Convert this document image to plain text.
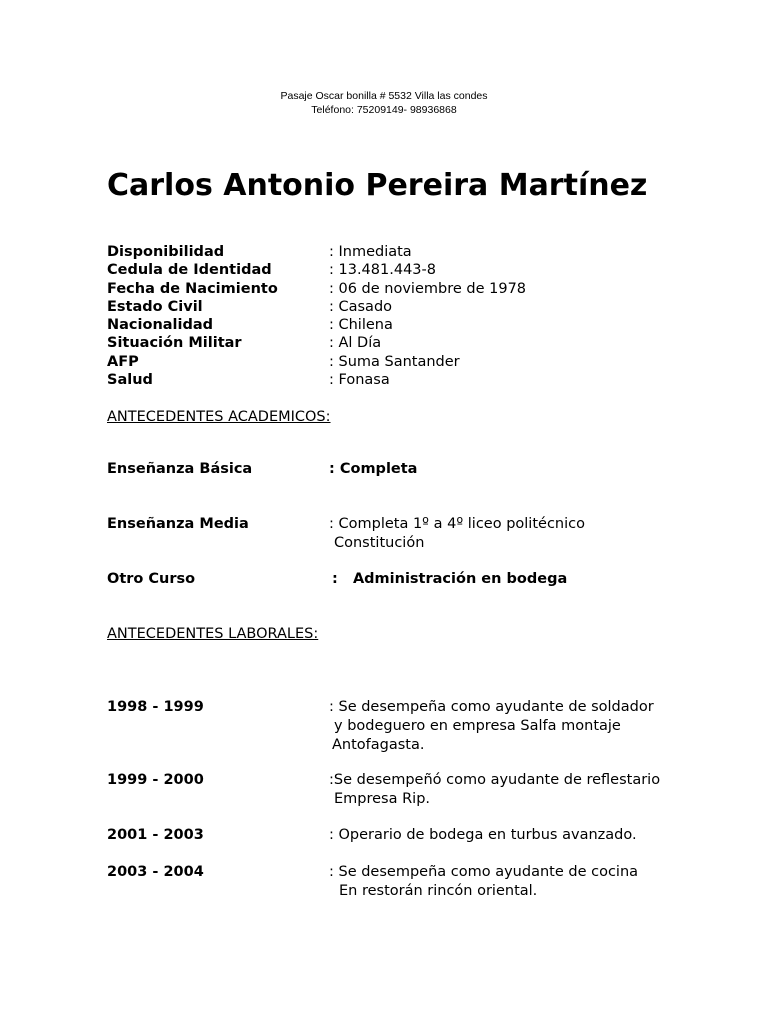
Pasaje Oscar bonilla # 5532 Villa las condes
Teléfono: 75209149- 98936868
Carlos Antonio Pereira Martínez
Disponibilidad	: Inmediata
Cedula de Identidad	: 13.481.443-8
Fecha de Nacimiento	: 06 de noviembre de 1978
Estado Civil	: Casado
Nacionalidad	: Chilena
Situación Militar	: Al Día
AFP	: Suma Santander
Salud	: Fonasa
ANTECEDENTES ACADEMICOS:
Enseñanza Básica	: Completa
Enseñanza Media	: Completa 1º a 4º liceo politécnico
Constitución
Otro Curso	:   Administración en bodega
ANTECEDENTES LABORALES:
1998 - 1999	: Se desempeña como ayudante de soldador
y bodeguero en empresa Salfa montaje
Antofagasta.
1999 - 2000	:Se desempeñó como ayudante de reflestario
Empresa Rip.
2001 - 2003	: Operario de bodega en turbus avanzado.
2003 - 2004	: Se desempeña como ayudante de cocina
En restorán rincón oriental.
